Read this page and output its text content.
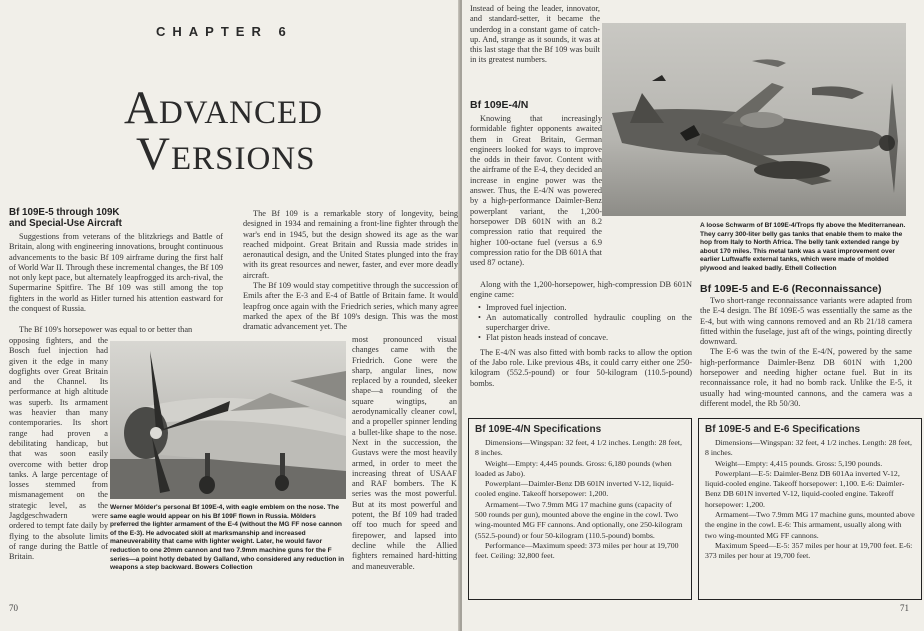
CHAPTER 6
Advanced
Versions
Bf 109E-5 through 109K
and Special-Use Aircraft

Suggestions from veterans of the blitzkriegs and Battle of Britain, along with engineering innovations, brought continuous advancements to the basic Bf 109 airframe during the first half of World War II. Through these incremental changes, the Bf 109 not only kept pace, but alternately leapfrogged its arch-rival, the Supermarine Spitfire. The Bf 109 was still among the top fighters in the world as Hitler turned his attention eastward for the conquest of Russia.

The Bf 109's horsepower was equal to or better than

opposing fighters, and the Bosch fuel injection had given it the edge in many dogfights over Great Britain and the Channel. Its performance at high altitude was superb. Its armament was heavier than many contemporaries. Its short range had proven a debilitating handicap, but that was soon easily overcome with better drop tanks. A large percentage of losses stemmed from mismanagement on the strategic level, as the Jagdgeschwadern were ordered to tempt fate daily by flying to the absolute limits of range during the Battle of Britain.

The Bf 109 is a remarkable story of longevity, being designed in 1934 and remaining a front-line fighter through the war's end in 1945, but the design showed its age as the war reached midpoint. Great Britain and Russia made strides in aeronautical design, and the United States plunged into the fray with its great resources and newer, faster, and ever more deadly aircraft.

The Bf 109 would stay competitive through the succession of Emils after the E-3 and E-4 of Battle of Britain fame. It would leapfrog once again with the Friedrich series, which many agree marked the apex of the Bf 109's design. This was the most dramatic advancement yet. The

most pronounced visual changes came with the Friedrich. Gone were the sharp, angular lines, now replaced by a rounded, sleeker shape—a rounding of the square wingtips, an aerodynamically cleaner cowl, and a propeller spinner lending a bullet-like shape to the nose. Next in the succession, the Gustavs were the most heavily armed, in order to meet the increasing threat of USAAF and RAF bombers. The K series was the most powerful. But at its most powerful and potent, the Bf 109 had traded off too much for speed and firepower, and lapsed into decline while the Allied fighters remained hard-hitting and maneuverable.

Werner Mölder's personal Bf 109E-4, with eagle emblem on the nose. The same eagle would appear on his Bf 109F flown in Russia. Mölders preferred the lighter armament of the E-4 (without the MG FF nose cannon of the E-3). He advocated skill at marksmanship and increased maneuverability that came with lighter weight. Later, he would favor reduction to one 20mm cannon and two 7.9mm machine guns for the F series—a point hotly debated by Galland, who considered any reduction in weapons a step backward. Bowers Collection
70

Instead of being the leader, innovator, and standard-setter, it became the underdog in a constant game of catch-up. And, strange as it sounds, it was at this last stage that the Bf 109 was built in its greatest numbers.

Bf 109E-4/N

Knowing that increasingly formidable fighter opponents awaited them in Great Britain, German engineers looked for ways to improve the odds in their favor. Content with the airframe of the E-4, they decided an increase in engine power was the answer. Thus, the E-4/N was powered by a high-performance Daimler-Benz powerplant variant, the 1,200-horsepower DB 601N with an 8.2 compression ratio that required the higher 100-octane fuel (versus a 6.9 compression ratio for the DB 601A that used 87 octane).

Along with the 1,200-horsepower, high-compression DB 601N engine came:

• Improved fuel injection.
• An automatically controlled hydraulic coupling on the supercharger drive.
• Flat piston heads instead of concave.

The E-4/N was also fitted with bomb racks to allow the option of the Jabo role. Like previous 4Bs, it could carry either one 250-kilogram (552.5-pound) or four 50-kilogram (110.5-pound) bombs.

A loose Schwarm of Bf 109E-4/Trops fly above the Mediterranean. They carry 300-liter belly gas tanks that enable them to make the hop from Italy to North Africa. The belly tank extended range by about 170 miles. This metal tank was a vast improvement over earlier Luftwaffe external tanks, which were made of molded plywood and leaked badly. Ethell Collection
Bf 109E-5 and E-6 (Reconnaissance)

Two short-range reconnaissance variants were adapted from the E-4 design. The Bf 109E-5 was essentially the same as the E-4, but with wing cannons removed and an Rb 21/18 camera fitted within the fuselage, just aft of the wings, pointing directly downward.

The E-6 was the twin of the E-4/N, powered by the same high-performance Daimler-Benz DB 601N with 1,200 horsepower and needing higher octane fuel. But in its reconnaissance role, it had no bomb rack. Unlike the E-5, it usually had wing-mounted cannons, and the camera was a different model, the Rb 50/30.

Bf 109E-4/N Specifications

Dimensions—Wingspan: 32 feet, 4 1/2 inches. Length: 28 feet, 8 inches.

Weight—Empty: 4,445 pounds. Gross: 6,180 pounds (when loaded as Jabo).

Powerplant—Daimler-Benz DB 601N inverted V-12, liquid-cooled engine. Takeoff horsepower: 1,200.

Armament—Two 7.9mm MG 17 machine guns (capacity of 500 rounds per gun), mounted above the engine in the cowl. Two wing-mounted MG FF cannons. And optionally, one 250-kilogram (552.5-pound) or four 50-kilogram (110.5-pound) bombs.

Performance—Maximum speed: 373 miles per hour at 19,700 feet. Ceiling: 32,800 feet.

Bf 109E-5 and E-6 Specifications

Dimensions—Wingspan: 32 feet, 4 1/2 inches. Length: 28 feet, 8 inches.

Weight—Empty: 4,415 pounds. Gross: 5,190 pounds.

Powerplant—E-5: Daimler-Benz DB 601Aa inverted V-12, liquid-cooled engine. Takeoff horsepower: 1,100. E-6: Daimler-Benz DB 601N inverted V-12, liquid-cooled engine. Takeoff horsepower: 1,200.

Armament—Two 7.9mm MG 17 machine guns, mounted above the engine in the cowl. E-6: This armament, usually along with two wing-mounted MG FF cannons.

Maximum Speed—E-5: 357 miles per hour at 19,700 feet. E-6: 373 miles per hour at 19,700 feet.

71
